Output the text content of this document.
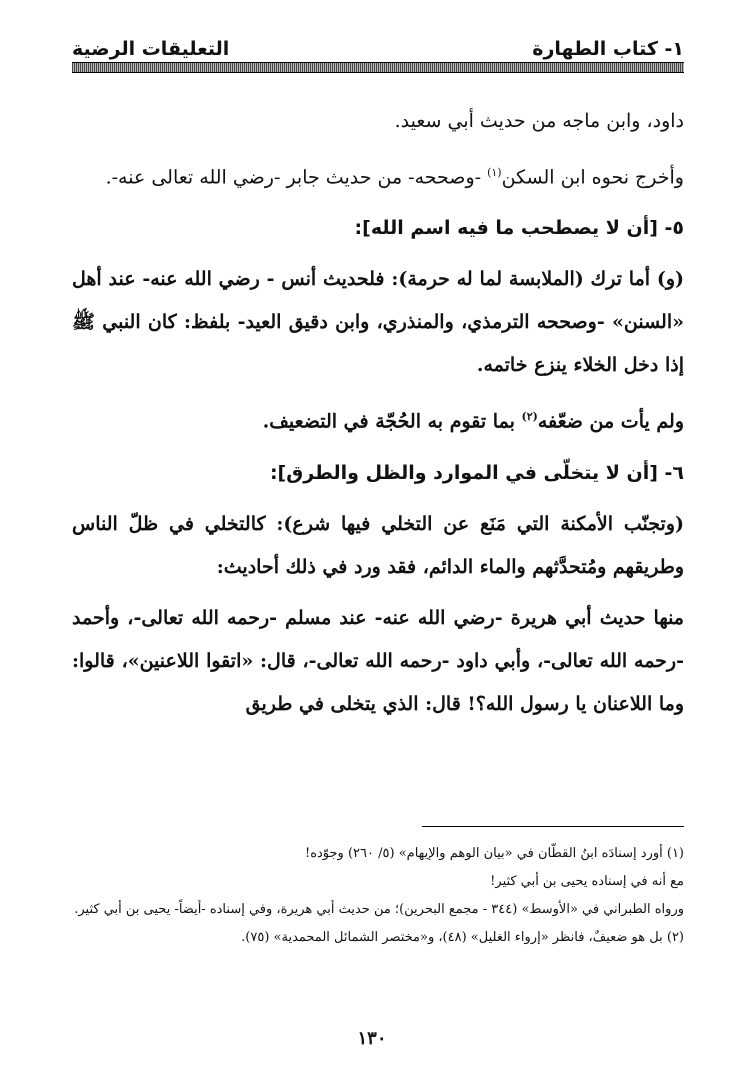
١- كتاب الطهارة
التعليقات الرضية

داود، وابن ماجه من حديث أبي سعيد.

وأخرج نحوه ابن السكن$^{(١)}$ -وصححه- من حديث جابر -رضي الله تعالى عنه-.

٥- [أن لا يصطحب ما فيه اسم الله]:

(و) أما ترك (الملابسة لما له حرمة): فلحديث أنس - رضي الله عنه- عند أهل «السنن» -وصححه الترمذي، والمنذري، وابن دقيق العيد- بلفظ: كان النبي ﷺ إذا دخل الخلاء ينزع خاتمه.

ولم يأت من ضعّفه$^{(٢)}$ بما تقوم به الحُجّة في التضعيف.

٦- [أن لا يتخلّى في الموارد والظل والطرق]:

(وتجنّب الأمكنة التي مَنَع عن التخلي فيها شرع): كالتخلي في ظلّ الناس وطريقهم ومُتحدَّثهم والماء الدائم، فقد ورد في ذلك أحاديث:

منها حديث أبي هريرة -رضي الله عنه- عند مسلم -رحمه الله تعالى-، وأحمد -رحمه الله تعالى-، وأبي داود -رحمه الله تعالى-، قال: «اتقوا اللاعنين»، قالوا: وما اللاعنان يا رسول الله؟! قال: الذي يتخلى في طريق

(١) أورد إسنادَه ابنُ القطّان في «بيان الوهم والإيهام» (٥/ ٢٦٠) وجوّده!

مع أنه في إسناده يحيى بن أبي كثير!

ورواه الطبراني في «الأوسط» (٣٤٤ - مجمع البحرين)؛ من حديث أبي هريرة، وفي إسناده -أيضاً- يحيى بن أبي كثير.

(٢) بل هو ضعيفٌ، فانظر «إرواء الغليل» (٤٨)، و«مختصر الشمائل المحمدية» (٧٥).

١٣٠
